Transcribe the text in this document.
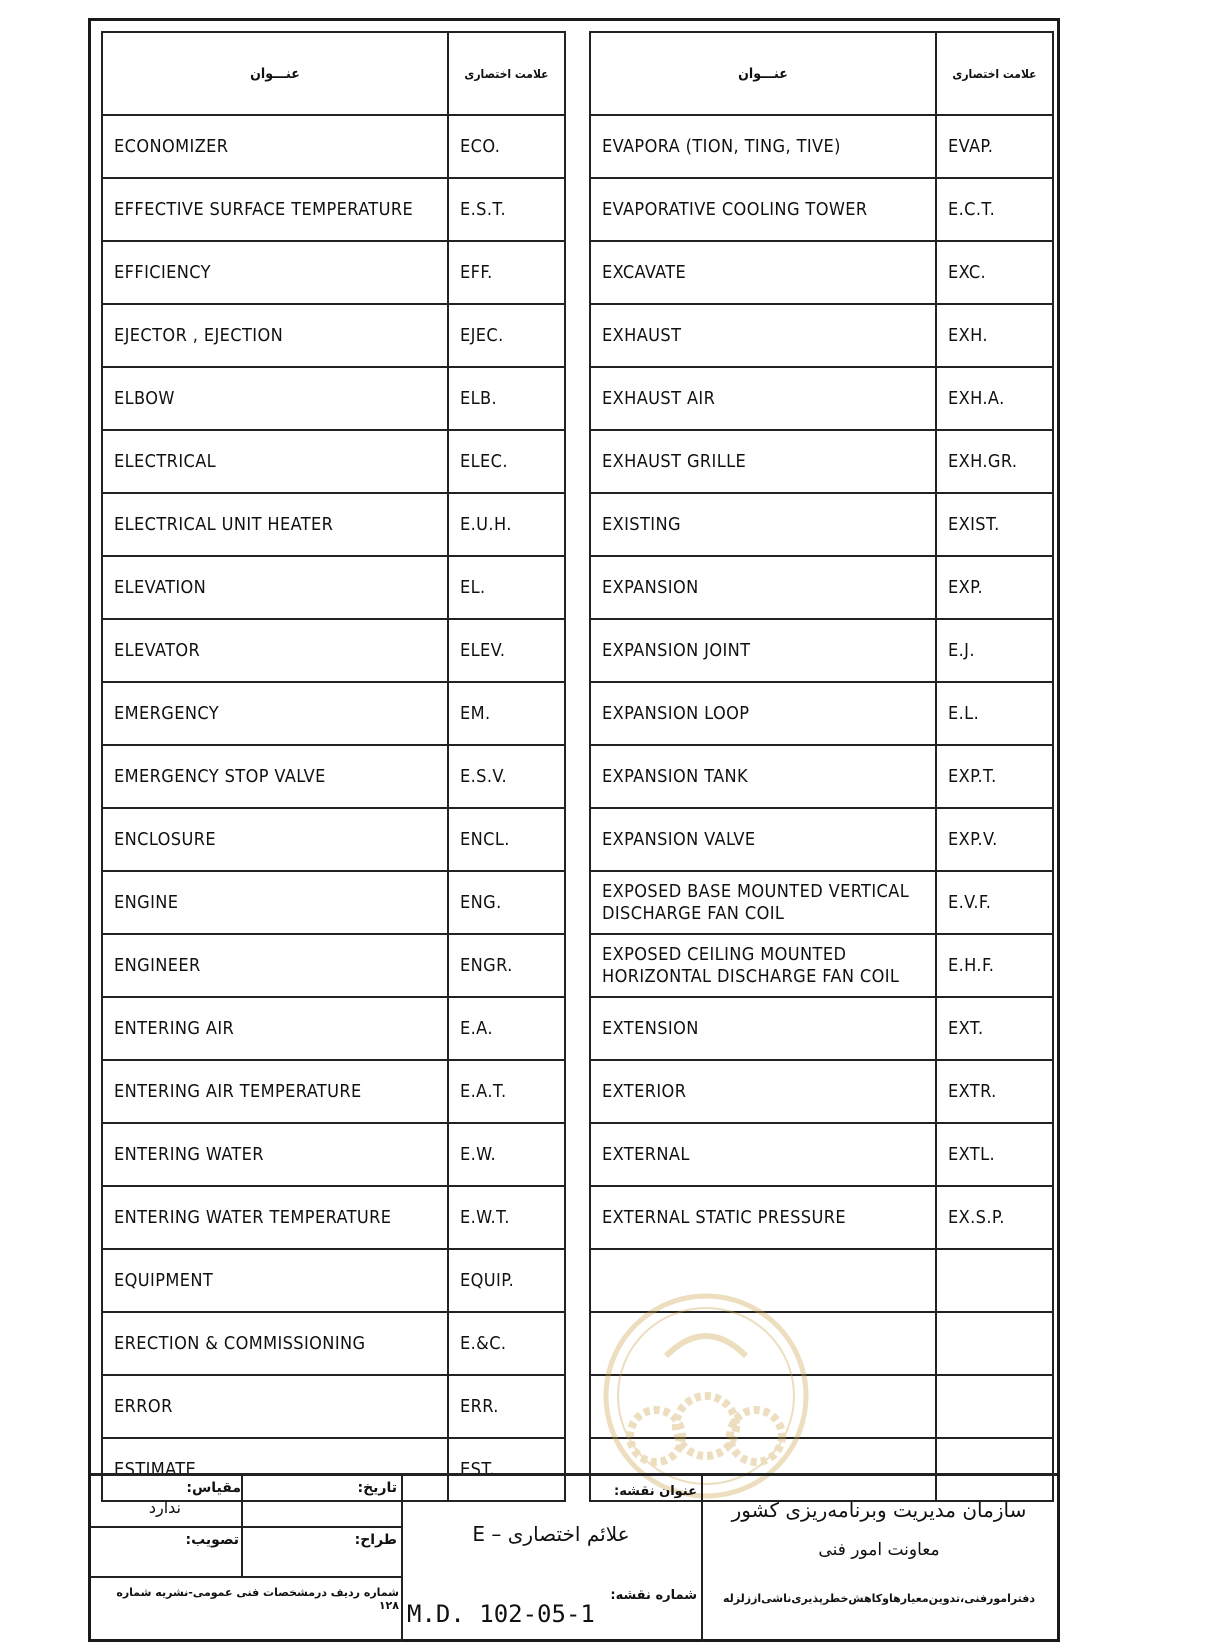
عنـــوان	علامت اختصاری
ECONOMIZER	ECO.
EFFECTIVE SURFACE TEMPERATURE	E.S.T.
EFFICIENCY	EFF.
EJECTOR , EJECTION	EJEC.
ELBOW	ELB.
ELECTRICAL	ELEC.
ELECTRICAL UNIT HEATER	E.U.H.
ELEVATION	EL.
ELEVATOR	ELEV.
EMERGENCY	EM.
EMERGENCY STOP VALVE	E.S.V.
ENCLOSURE	ENCL.
ENGINE	ENG.
ENGINEER	ENGR.
ENTERING AIR	E.A.
ENTERING AIR TEMPERATURE	E.A.T.
ENTERING WATER	E.W.
ENTERING WATER TEMPERATURE	E.W.T.
EQUIPMENT	EQUIP.
ERECTION & COMMISSIONING	E.&C.
ERROR	ERR.
ESTIMATE	EST.
عنـــوان	علامت اختصاری
EVAPORA (TION, TING, TIVE)	EVAP.
EVAPORATIVE COOLING TOWER	E.C.T.
EXCAVATE	EXC.
EXHAUST	EXH.
EXHAUST AIR	EXH.A.
EXHAUST GRILLE	EXH.GR.
EXISTING	EXIST.
EXPANSION	EXP.
EXPANSION JOINT	E.J.
EXPANSION LOOP	E.L.
EXPANSION TANK	EXP.T.
EXPANSION VALVE	EXP.V.
EXPOSED BASE MOUNTED VERTICAL
DISCHARGE FAN COIL	E.V.F.
EXPOSED CEILING MOUNTED
HORIZONTAL DISCHARGE FAN COIL	E.H.F.
EXTENSION	EXT.
EXTERIOR	EXTR.
EXTERNAL	EXTL.
EXTERNAL STATIC PRESSURE	EX.S.P.

مقیاس:
ندارد
تاریخ:
تصویب:	طراح:
شماره ردیف درمشخصات فنی عمومی-نشریه شماره ۱۲۸
عنوان نقشه:
علائم اختصاری – E
شماره نقشه:
M.D. 102-05-1
سازمان مدیریت وبرنامه‌ریزی کشور
معاونت امور فنی
دفترامورفنی،تدوین‌معیارهاوکاهش‌خطرپذیری‌ناشی‌اززلزله
